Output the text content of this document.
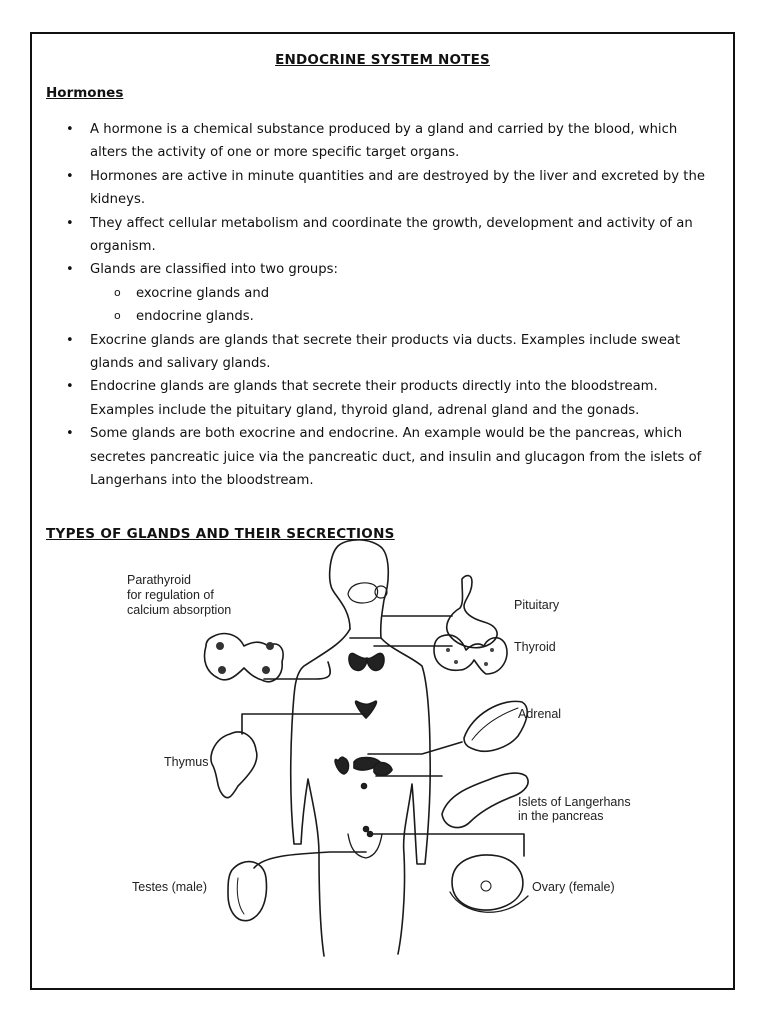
ENDOCRINE SYSTEM NOTES
Hormones
• A hormone is a chemical substance produced by a gland and carried by the blood, which alters the activity of one or more specific target organs.
• Hormones are active in minute quantities and are destroyed by the liver and excreted by the kidneys.
• They affect cellular metabolism and coordinate the growth, development and activity of an organism.
• Glands are classified into two groups:
o exocrine glands and
o endocrine glands.
• Exocrine glands are glands that secrete their products via ducts. Examples include sweat glands and salivary glands.
• Endocrine glands are glands that secrete their products directly into the bloodstream. Examples include the pituitary gland, thyroid gland, adrenal gland and the gonads.
• Some glands are both exocrine and endocrine. An example would be the pancreas, which secretes pancreatic juice via the pancreatic duct, and insulin and glucagon from the islets of Langerhans into the bloodstream.
TYPES OF GLANDS AND THEIR SECRECTIONS
Parathyroid
for regulation of
calcium absorption	Pituitary
Thyroid
Adrenal
Thymus
Islets of Langerhans
in the pancreas
Testes (male)	Ovary (female)
